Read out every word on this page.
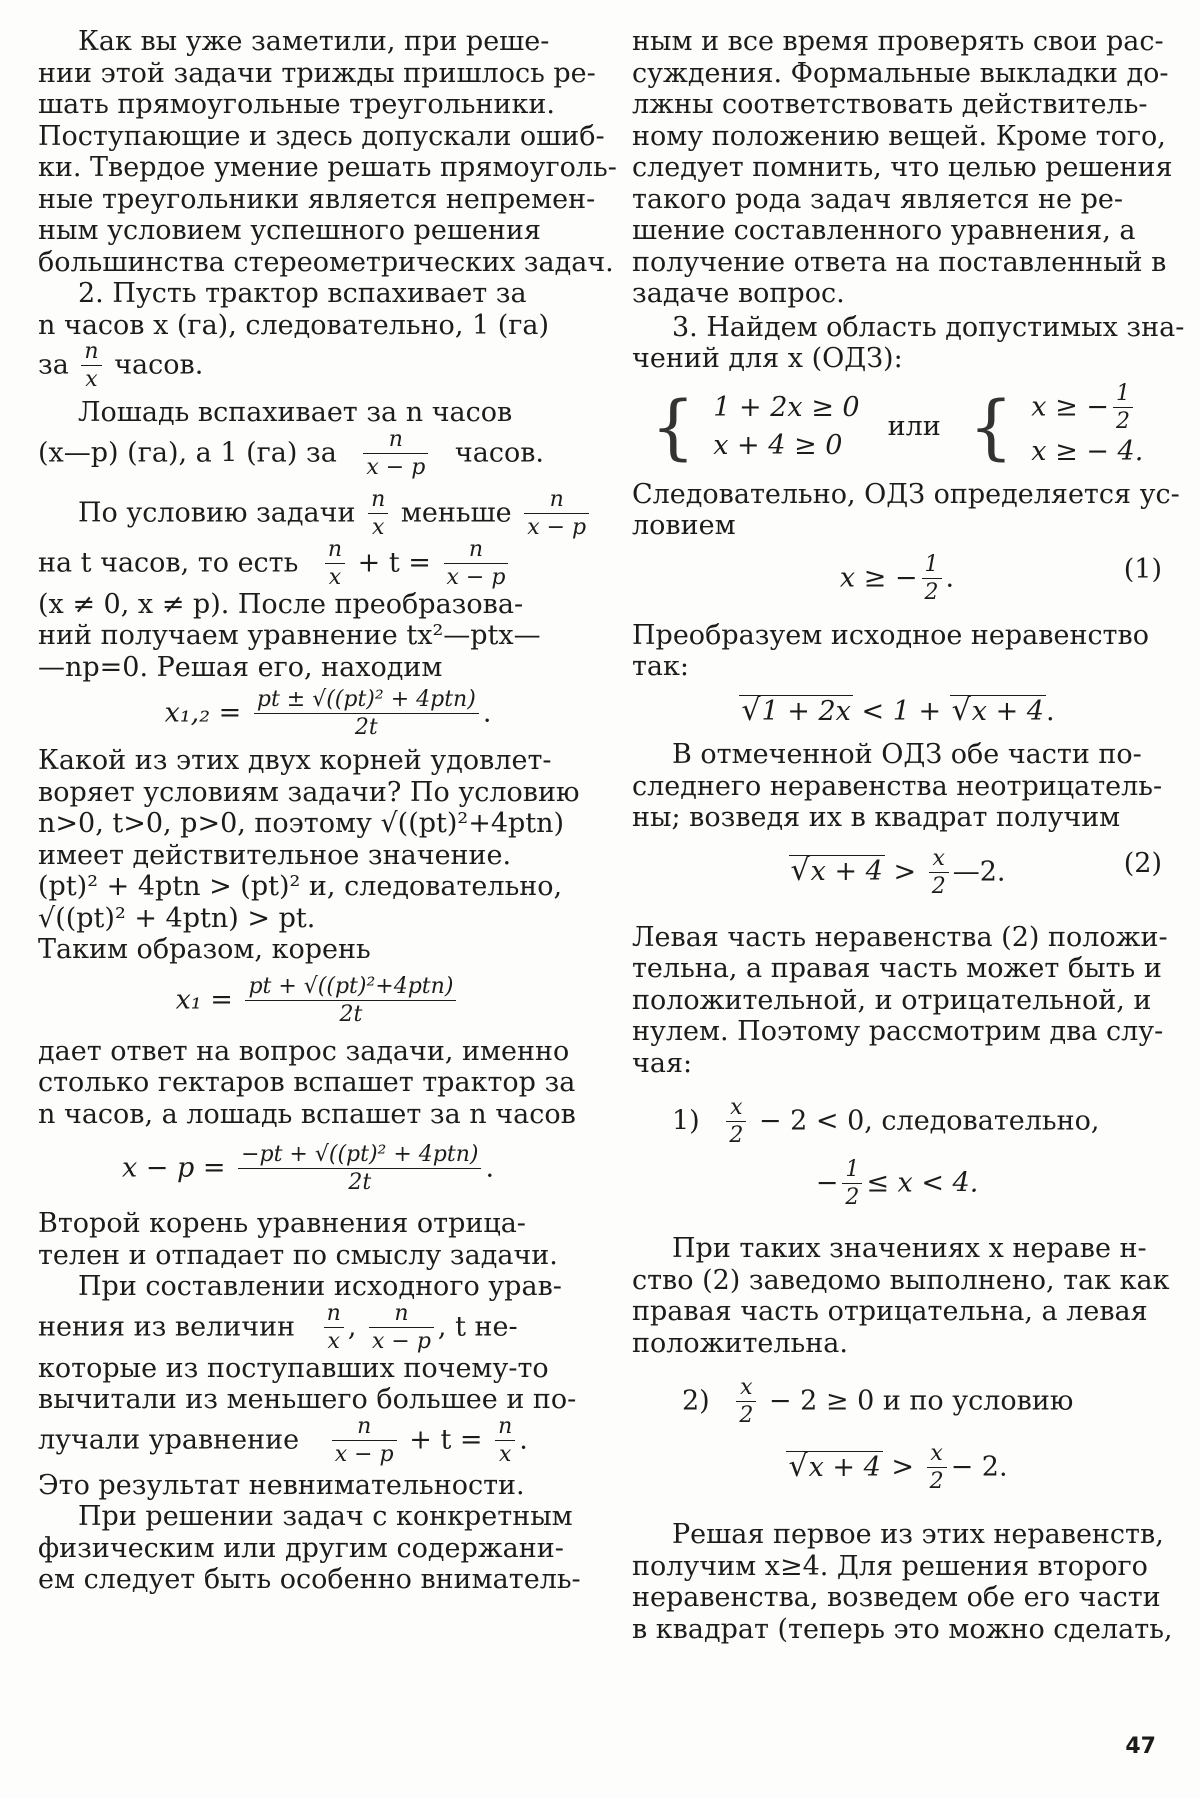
Как вы уже заметили, при реше-
нии этой задачи трижды пришлось ре-
шать прямоугольные треугольники.
Поступающие и здесь допускали ошиб-
ки. Твердое умение решать прямоуголь-
ные треугольники является непремен-
ным условием успешного решения
большинства стереометрических задач.
2. Пусть трактор вспахивает за
n часов x (га), следовательно, 1 (га)
за $\frac{n}{x}$ часов.
Лошадь вспахивает за n часов
(x—p) (га), а 1 (га) за $\frac{n}{x - p}$ часов.
По условию задачи $\frac{n}{x}$ меньше $\frac{n}{x - p}$
на t часов, то есть $\frac{n}{x} + t = \frac{n}{x - p}$
(x ≠ 0, x ≠ p). После преобразова-
ний получаем уравнение tx²—ptx—
—np=0. Решая его, находим
$x_1,_2 = \frac{\text{pt ± √((pt)² + 4ptn)}}{2t}$ .
Какой из этих двух корней удовлет-
воряет условиям задачи? По условию
n>0, t>0, p>0, поэтому √((pt)²+4ptn)
имеет действительное значение.
(pt)² + 4ptn > (pt)² и, следовательно,
√((pt)² + 4ptn) > pt.
Таким образом, корень
$x_1 = \frac{\text{pt + √((pt)²+4ptn)}}{2t}$
дает ответ на вопрос задачи, именно
столько гектаров вспашет трактор за
n часов, а лошадь вспашет за n часов
$x - p = \frac{\text{−pt + √((pt)² + 4ptn)}}{2t}$ .
Второй корень уравнения отрица-
телен и отпадает по смыслу задачи.
При составлении исходного урав-
нения из величин $\frac{n}{x}$ , $\frac{n}{x - p}$ , t не-
которые из поступавших почему-то
вычитали из меньшего большее и по-
лучали уравнение $\frac{n}{x - p} + t = \frac{n}{x}$ .
Это результат невнимательности.
При решении задач с конкретным
физическим или другим содержани-
ем следует быть особенно вниматель-
ным и все время проверять свои рас-
суждения. Формальные выкладки до-
лжны соответствовать действитель-
ному положению вещей. Кроме того,
следует помнить, что целью решения
такого рода задач является не ре-
шение составленного уравнения, а
получение ответа на поставленный в
задаче вопрос.
3. Найдем область допустимых зна-
чений для x (ОДЗ):
{ 1 + 2x ≥ 0
x + 4 ≥ 0
или { x ≥ − $\frac{1}{2}$
x ≥ − 4.
Следовательно, ОДЗ определяется ус-
ловием
x ≥ − $\frac{1}{2}$ .	(1)
Преобразуем исходное неравенство
так:
√ 1 + 2x < 1 + √ x + 4.
В отмеченной ОДЗ обе части по-
следнего неравенства неотрицатель-
ны; возведя их в квадрат получим
√ $x + 4 > \frac{x}{2}$ —2.	(2)
Левая часть неравенства (2) положи-
тельна, а правая часть может быть и
положительной, и отрицательной, и
нулем. Поэтому рассмотрим два слу-
чая:
$1) \frac{x}{2} - 2 < 0$, следовательно,
− $\frac{1}{2} \le x < 4$.
При таких значениях x нераве н-
ство (2) заведомо выполнено, так как
правая часть отрицательна, а левая
положительна.
$2) \frac{x}{2} - 2 \ge 0$ и по условию
√ $x + 4 > \frac{x}{2} - 2$.
Решая первое из этих неравенств,
получим x≥4. Для решения второго
неравенства, возведем обе его части
в квадрат (теперь это можно сделать,
47
